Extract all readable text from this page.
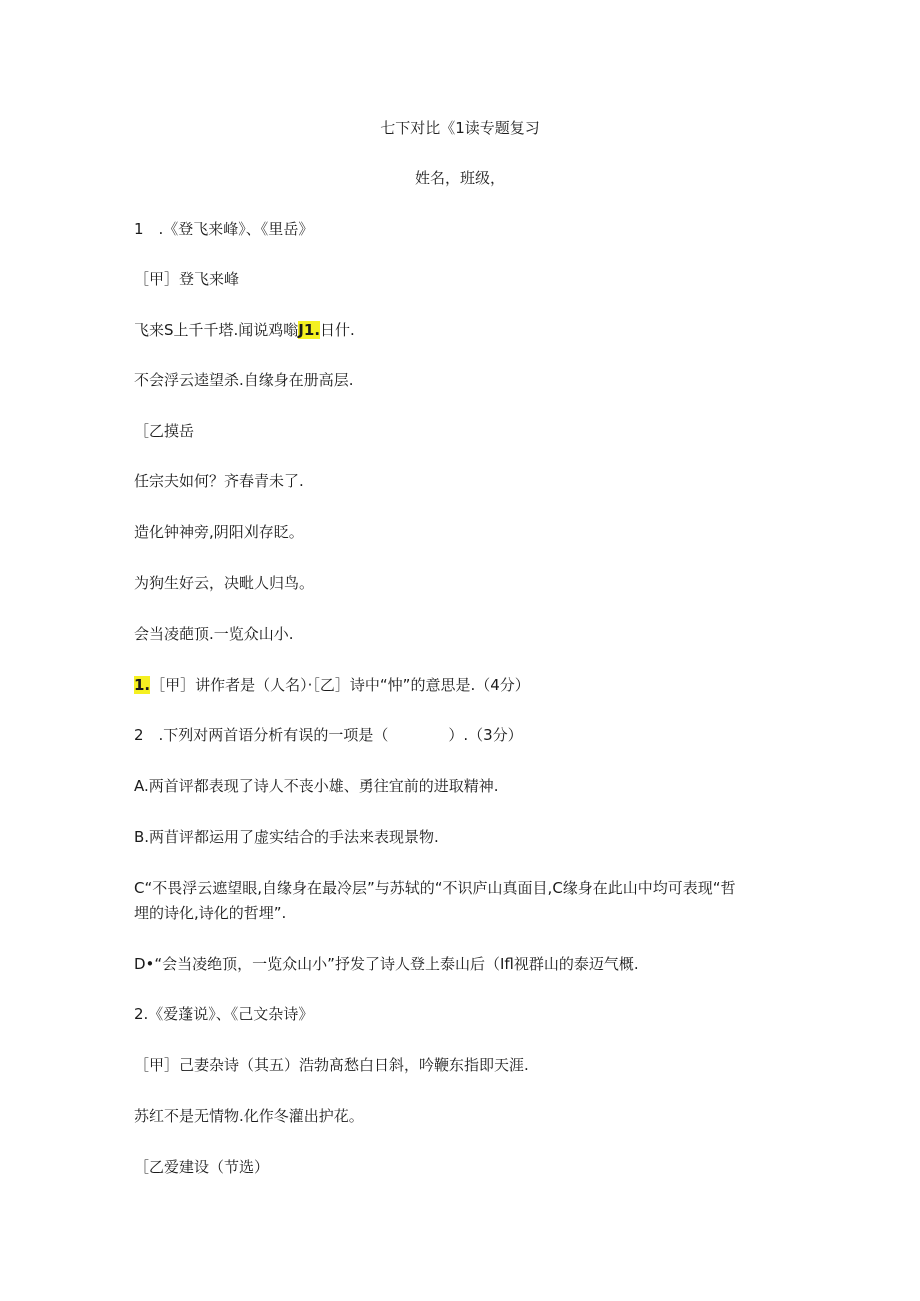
七下对比《1读专题复习
姓名，班级，
1　.《登飞来峰》、《里岳》
［甲］登飞来峰
飞来S上千千塔.闻说鸡嗡J1.日什.
不会浮云逵望杀.自缘身在册高层.
［乙摸岳
任宗夫如何？齐春青未了.
造化钟神旁,阴阳刈存眨。
为狗生好云，决毗人归鸟。
会当凌葩顶.一览众山小.
1.［甲］讲作者是（人名）·［乙］诗中“忡”的意思是.（4分）
2　.下列对两首语分析有误的一项是（　　　　）.（3分）
A.两首评都表现了诗人不丧小雄、勇往宜前的进取精神.
B.两苜评都运用了虚实结合的手法来表现景物.
C“不畏浮云遮望眼,自缘身在最冷层”与苏轼的“不识庐山真面目,C缘身在此山中均可表现“哲
埋的诗化,诗化的哲埋”.
D•“会当凌绝顶，一览众山小”抒发了诗人登上泰山后（Ifl视群山的泰迈气概.
2.《爱蓬说》、《己文杂诗》
［甲］己妻杂诗（其五）浩勃髙愁白日斜，吟鞭东指即天涯.
苏红不是无情物.化作冬灌出护花。
［乙爱建设（节选）
